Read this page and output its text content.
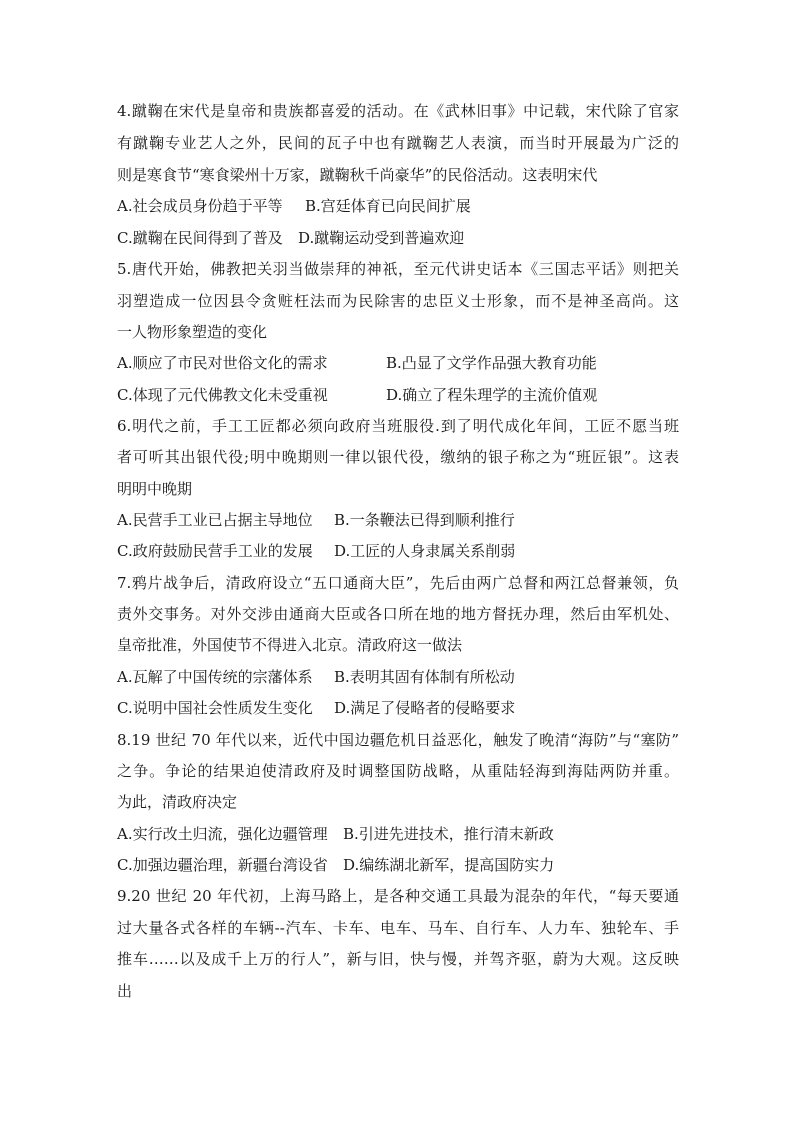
4.蹴鞠在宋代是皇帝和贵族都喜爱的活动。在《武林旧事》中记载，宋代除了官家
有蹴鞠专业艺人之外，民间的瓦子中也有蹴鞠艺人表演，而当时开展最为广泛的
则是寒食节“寒食梁州十万家，蹴鞠秋千尚豪华”的民俗活动。这表明宋代
A.社会成员身份趋于平等 B.宫廷体育已向民间扩展
C.蹴鞠在民间得到了普及 D.蹴鞠运动受到普遍欢迎
5.唐代开始，佛教把关羽当做崇拜的神祇，至元代讲史话本《三国志平话》则把关
羽塑造成一位因县令贪赃枉法而为民除害的忠臣义士形象，而不是神圣高尚。这
一人物形象塑造的变化
A.顺应了市民对世俗文化的需求	B.凸显了文学作品强大教育功能
C.体现了元代佛教文化未受重视	D.确立了程朱理学的主流价值观
6.明代之前，手工工匠都必须向政府当班服役.到了明代成化年间，工匠不愿当班
者可听其出银代役;明中晚期则一律以银代役，缴纳的银子称之为“班匠银”。这表
明明中晚期
A.民营手工业已占据主导地位 B.一条鞭法已得到顺利推行
C.政府鼓励民营手工业的发展 D.工匠的人身隶属关系削弱
7.鸦片战争后，清政府设立“五口通商大臣”，先后由两广总督和两江总督兼领，负
责外交事务。对外交涉由通商大臣或各口所在地的地方督抚办理，然后由军机处、
皇帝批准，外国使节不得进入北京。清政府这一做法
A.瓦解了中国传统的宗藩体系 B.表明其固有体制有所松动
C.说明中国社会性质发生变化 D.满足了侵略者的侵略要求
8.19 世纪 70 年代以来，近代中国边疆危机日益恶化，触发了晚清“海防”与“塞防”
之争。争论的结果迫使清政府及时调整国防战略，从重陆轻海到海陆两防并重。
为此，清政府决定
A.实行改土归流，强化边疆管理 B.引进先进技术，推行清末新政
C.加强边疆治理，新疆台湾设省 D.编练湖北新军，提高国防实力
9.20 世纪 20 年代初，上海马路上，是各种交通工具最为混杂的年代，“每天要通
过大量各式各样的车辆--汽车、卡车、电车、马车、自行车、人力车、独轮车、手
推车……以及成千上万的行人”，新与旧，快与慢，并驾齐驱，蔚为大观。这反映
出
